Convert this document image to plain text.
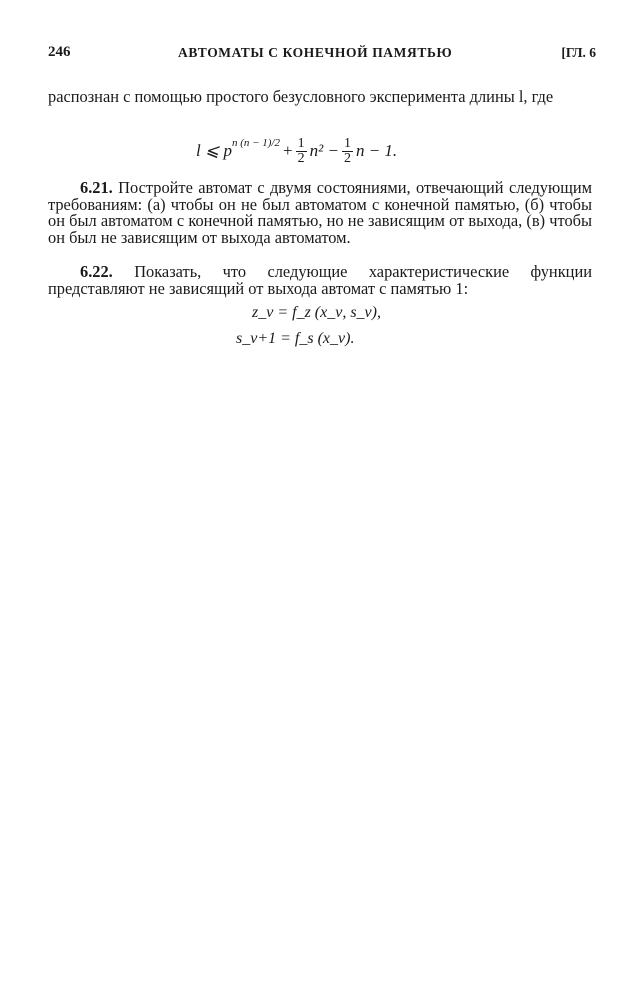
246	АВТОМАТЫ С КОНЕЧНОЙ ПАМЯТЬЮ	[ГЛ. 6
распознан с помощью простого безусловного эксперимента длины l, где
l ⩽ p n $(n - 1)/2 + \frac{1}{2} n^2 - \frac{1}{2}$ n − 1.
6.21. Постройте автомат с двумя состояниями, отвечающий следующим требованиям: (а) чтобы он не был автоматом с конечной памятью, (б) чтобы он был автоматом с конечной памятью, но не зависящим от выхода, (в) чтобы он был не зависящим от выхода автоматом.
6.22. Показать, что следующие характеристические функции представляют не зависящий от выхода автомат с памятью 1:
z_ν = f_z (x_ν, s_ν),
s_ν+1 = f_s (x_ν).
